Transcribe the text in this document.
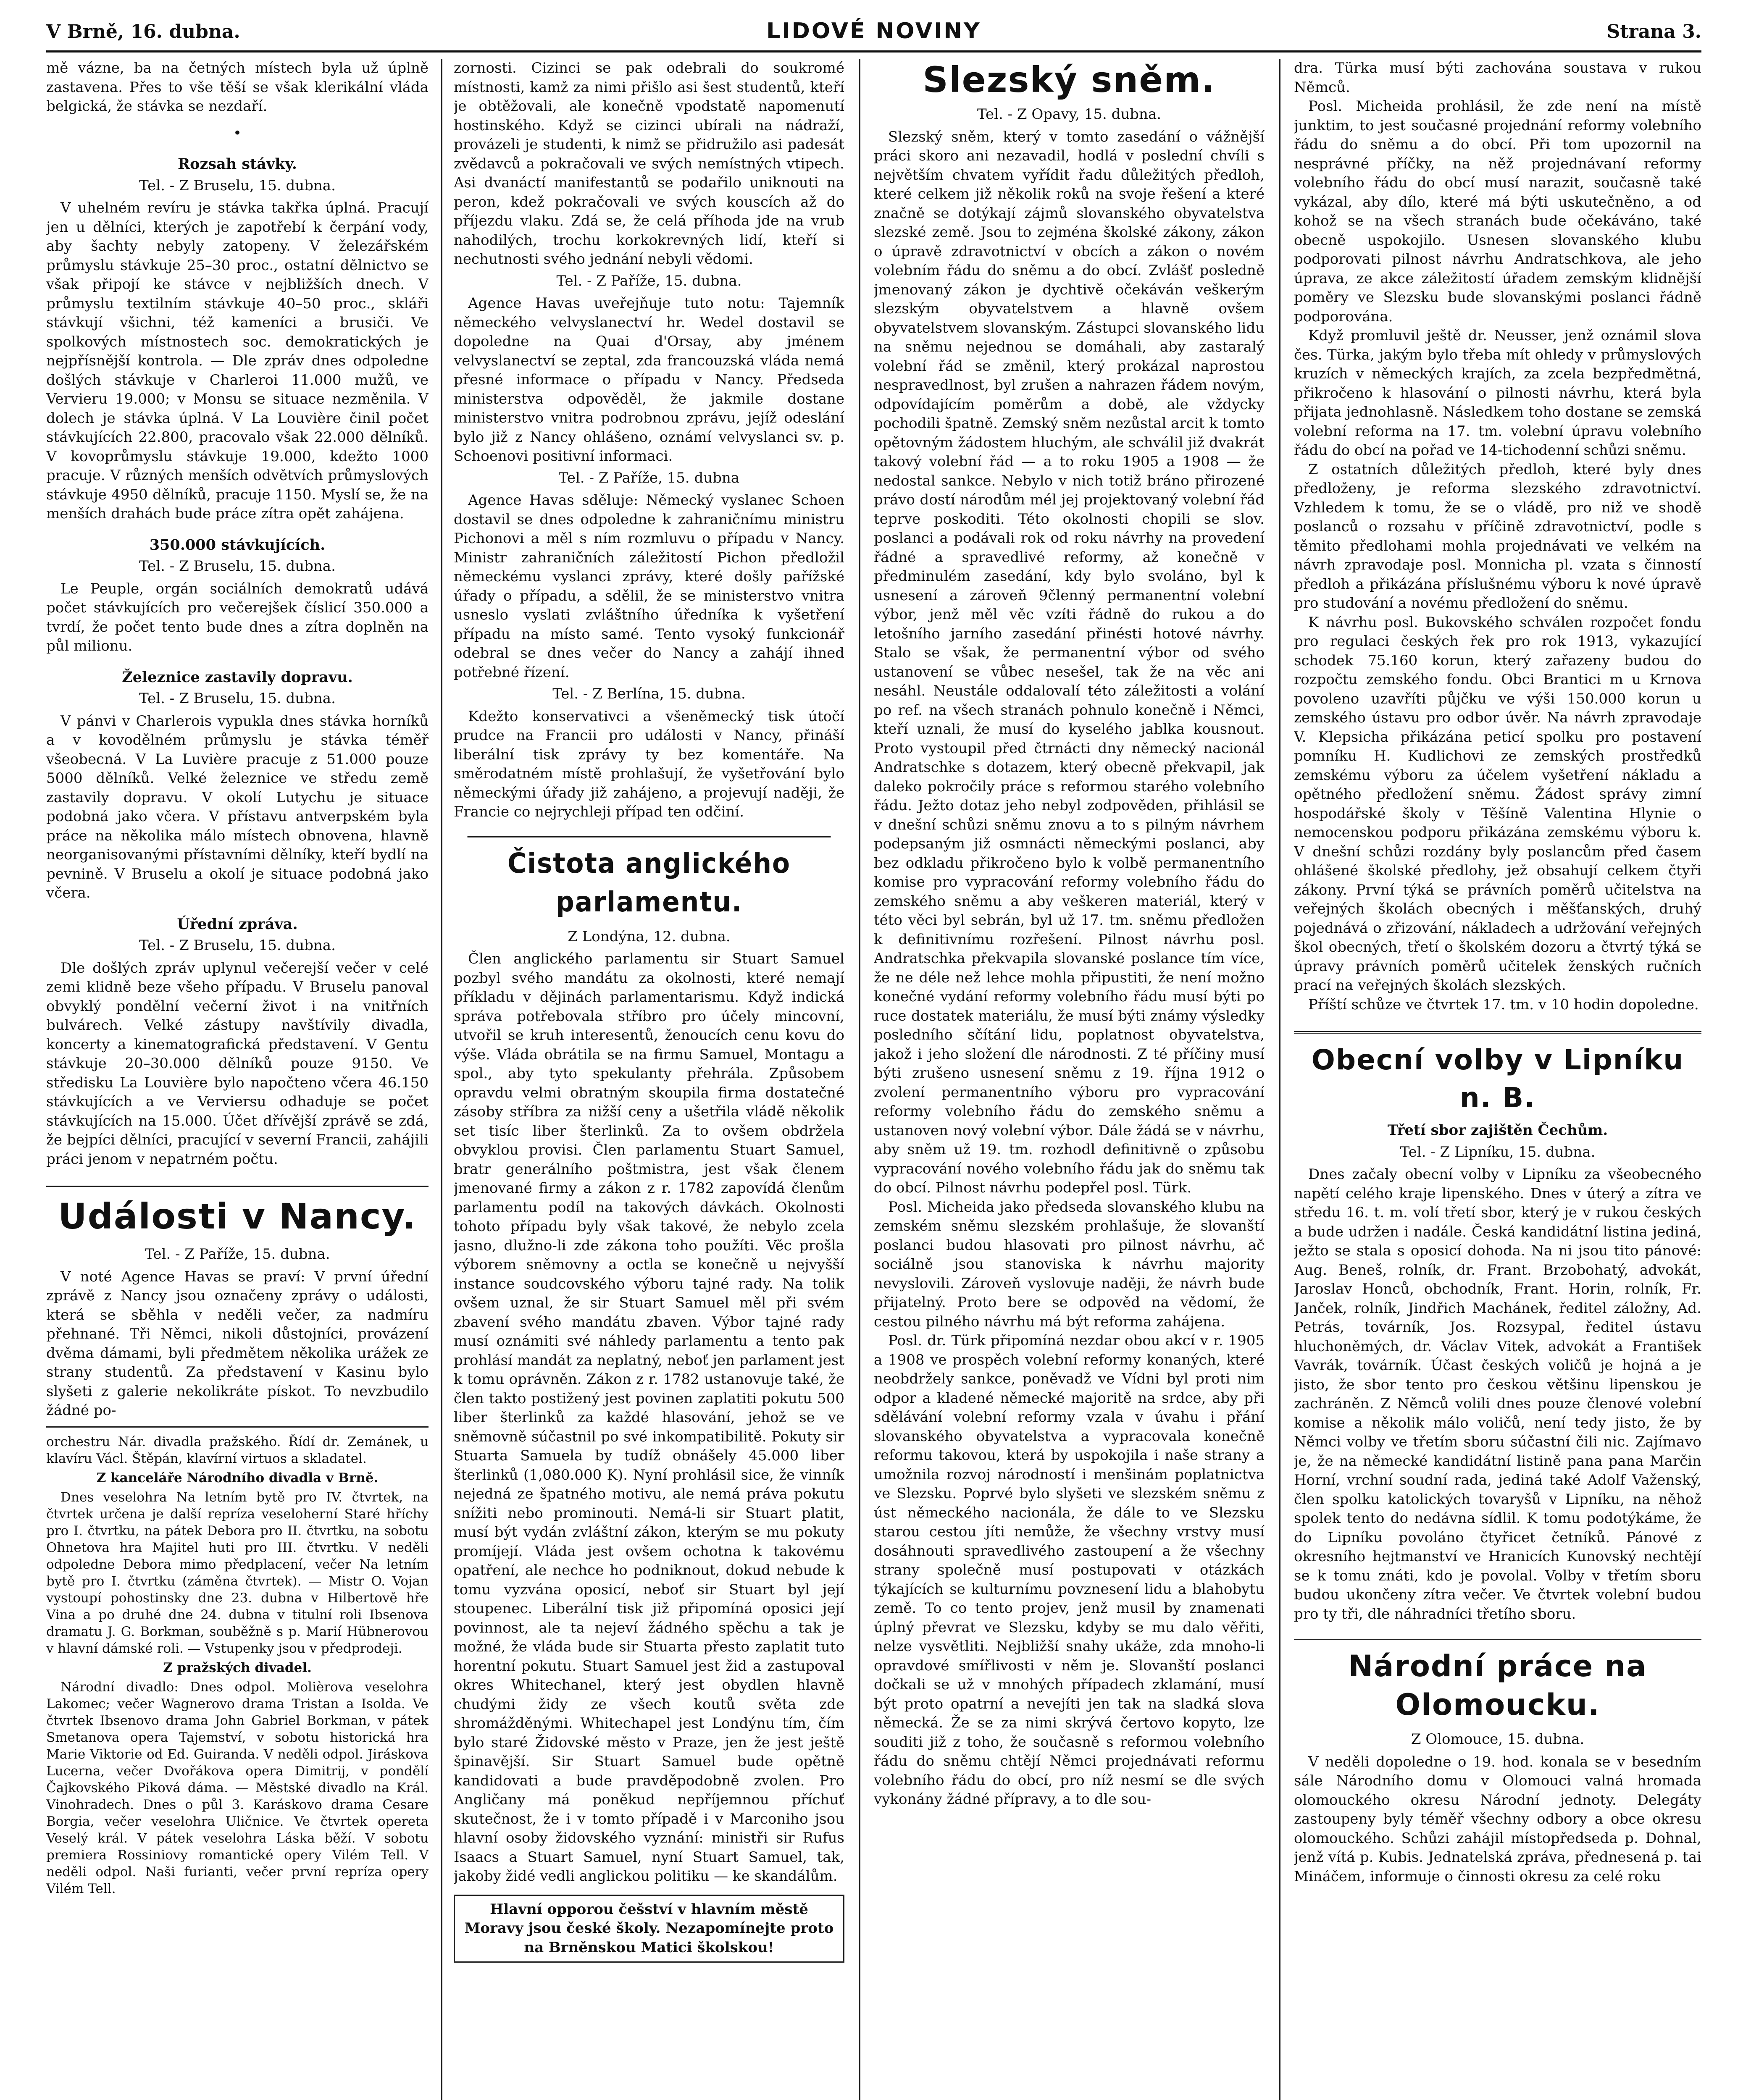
V Brně, 16. dubna.	LIDOVÉ NOVINY	Strana 3.

mě vázne, ba na četných místech byla už úplně zastavena. Přes to vše těší se však klerikální vláda belgická, že stávka se nezdaří.

•
Rozsah stávky.

Tel. - Z Bruselu, 15. dubna.

V uhelném revíru je stávka takřka úplná. Pracují jen u dělníci, kterých je zapotřebí k čerpání vody, aby šachty nebyly zatopeny. V železářském průmyslu stávkuje 25–30 proc., ostatní dělnictvo se však připojí ke stávce v nejbližších dnech. V průmyslu textilním stávkuje 40–50 proc., skláři stávkují všichni, též kameníci a brusiči. Ve spolkových místnostech soc. demokratických je nejpřísnější kontrola. — Dle zpráv dnes odpoledne došlých stávkuje v Charleroi 11.000 mužů, ve Vervieru 19.000; v Monsu se situace nezměnila. V dolech je stávka úplná. V La Louvière činil počet stávkujících 22.800, pracovalo však 22.000 dělníků. V kovoprůmyslu stávkuje 19.000, kdežto 1000 pracuje. V různých menších odvětvích průmyslových stávkuje 4950 dělníků, pracuje 1150. Myslí se, že na menších drahách bude práce zítra opět zahájena.

350.000 stávkujících.

Tel. - Z Bruselu, 15. dubna.

Le Peuple, orgán sociálních demokratů udává počet stávkujících pro večerejšek číslicí 350.000 a tvrdí, že počet tento bude dnes a zítra doplněn na půl milionu.

Železnice zastavily dopravu.

Tel. - Z Bruselu, 15. dubna.

V pánvi v Charlerois vypukla dnes stávka horníků a v kovodělném průmyslu je stávka téměř všeobecná. V La Luvière pracuje z 51.000 pouze 5000 dělníků. Velké železnice ve středu země zastavily dopravu. V okolí Lutychu je situace podobná jako včera. V přístavu antverpském byla práce na několika málo místech obnovena, hlavně neorganisovanými přístavními dělníky, kteří bydlí na pevnině. V Bruselu a okolí je situace podobná jako včera.

Úřední zpráva.

Tel. - Z Bruselu, 15. dubna.

Dle došlých zpráv uplynul večerejší večer v celé zemi klidně beze všeho případu. V Bruselu panoval obvyklý pondělní večerní život i na vnitřních bulvárech. Velké zástupy navštívily divadla, koncerty a kinematografická představení. V Gentu stávkuje 20–30.000 dělníků pouze 9150. Ve středisku La Louvière bylo napočteno včera 46.150 stávkujících a ve Verviersu odhaduje se počet stávkujících na 15.000. Účet dřívější zprávě se zdá, že bejpíci dělníci, pracující v severní Francii, zahájili práci jenom v nepatrném počtu.

Události v Nancy.

Tel. - Z Paříže, 15. dubna.

V noté Agence Havas se praví: V první úřední zprávě z Nancy jsou označeny zprávy o události, která se sběhla v neděli večer, za nadmíru přehnané. Tři Němci, nikoli důstojníci, provázení dvěma dámami, byli předmětem několika urážek ze strany studentů. Za představení v Kasinu bylo slyšeti z galerie nekolikráte pískot. To nevzbudilo žádné po-

orchestru Nár. divadla pražského. Řídí dr. Zemánek, u klavíru Václ. Štěpán, klavírní virtuos a skladatel.

Z kanceláře Národního divadla v Brně.

Dnes veselohra Na letním bytě pro IV. čtvrtek, na čtvrtek určena je další repríza veseloherní Staré hříchy pro I. čtvrtku, na pátek Debora pro II. čtvrtku, na sobotu Ohnetova hra Majitel huti pro III. čtvrtku. V neděli odpoledne Debora mimo předplacení, večer Na letním bytě pro I. čtvrtku (záměna čtvrtek). — Mistr O. Vojan vystoupí pohostinsky dne 23. dubna v Hilbertově hře Vina a po druhé dne 24. dubna v titulní roli Ibsenova dramatu J. G. Borkman, souběžně s p. Marií Hübnerovou v hlavní dámské roli. — Vstupenky jsou v předprodeji.

Z pražských divadel.

Národní divadlo: Dnes odpol. Molièrova veselohra Lakomec; večer Wagnerovo drama Tristan a Isolda. Ve čtvrtek Ibsenovo drama John Gabriel Borkman, v pátek Smetanova opera Tajemství, v sobotu historická hra Marie Viktorie od Ed. Guiranda. V neděli odpol. Jiráskova Lucerna, večer Dvořákova opera Dimitrij, v pondělí Čajkovského Piková dáma. — Městské divadlo na Král. Vinohradech. Dnes o půl 3. Karáskovo drama Cesare Borgia, večer veselohra Uličnice. Ve čtvrtek opereta Veselý král. V pátek veselohra Láska běží. V sobotu premiera Rossiniovy romantické opery Vilém Tell. V neděli odpol. Naši furianti, večer první repríza opery Vilém Tell.

zornosti. Cizinci se pak odebrali do soukromé místnosti, kamž za nimi přišlo asi šest studentů, kteří je obtěžovali, ale konečně vpodstatě napomenutí hostinského. Když se cizinci ubírali na nádraží, provázeli je studenti, k nimž se přidružilo asi padesát zvědavců a pokračovali ve svých nemístných vtipech. Asi dvanáctí manifestantů se podařilo uniknouti na peron, kdež pokračovali ve svých kouscích až do příjezdu vlaku. Zdá se, že celá příhoda jde na vrub nahodilých, trochu korkokrevných lidí, kteří si nechutnosti svého jednání nebyli vědomi.

Tel. - Z Paříže, 15. dubna.

Agence Havas uveřejňuje tuto notu: Tajemník německého velvyslanectví hr. Wedel dostavil se dopoledne na Quai d'Orsay, aby jménem velvyslanectví se zeptal, zda francouzská vláda nemá přesné informace o případu v Nancy. Předseda ministerstva odpověděl, že jakmile dostane ministerstvo vnitra podrobnou zprávu, jejíž odeslání bylo již z Nancy ohlášeno, oznámí velvyslanci sv. p. Schoenovi positivní informaci.

Tel. - Z Paříže, 15. dubna

Agence Havas sděluje: Německý vyslanec Schoen dostavil se dnes odpoledne k zahraničnímu ministru Pichonovi a měl s ním rozmluvu o případu v Nancy. Ministr zahraničních záležitostí Pichon předložil německému vyslanci zprávy, které došly pařížské úřady o případu, a sdělil, že se ministerstvo vnitra usneslo vyslati zvláštního úředníka k vyšetření případu na místo samé. Tento vysoký funkcionář odebral se dnes večer do Nancy a zahájí ihned potřebné řízení.

Tel. - Z Berlína, 15. dubna.

Kdežto konservativci a všeněmecký tisk útočí prudce na Francii pro události v Nancy, přináší liberální tisk zprávy ty bez komentáře. Na směrodatném místě prohlašují, že vyšetřování bylo německými úřady již zahájeno, a projevují naději, že Francie co nejrychleji případ ten odčiní.

Čistota anglického parlamentu.

Z Londýna, 12. dubna.

Člen anglického parlamentu sir Stuart Samuel pozbyl svého mandátu za okolnosti, které nemají příkladu v dějinách parlamentarismu. Když indická správa potřebovala stříbro pro účely mincovní, utvořil se kruh interesentů, ženoucích cenu kovu do výše. Vláda obrátila se na firmu Samuel, Montagu a spol., aby tyto spekulanty přehrála. Způsobem opravdu velmi obratným skoupila firma dostatečné zásoby stříbra za nižší ceny a ušetřila vládě několik set tisíc liber šterlinků. Za to ovšem obdržela obvyklou provisi. Člen parlamentu Stuart Samuel, bratr generálního poštmistra, jest však členem jmenované firmy a zákon z r. 1782 zapovídá členům parlamentu podíl na takových dávkách. Okolnosti tohoto případu byly však takové, že nebylo zcela jasno, dlužno-li zde zákona toho použíti. Věc prošla výborem sněmovny a octla se konečně u nejvyšší instance soudcovského výboru tajné rady. Na tolik ovšem uznal, že sir Stuart Samuel měl při svém zbavení svého mandátu zbaven. Výbor tajné rady musí oznámiti své náhledy parlamentu a tento pak prohlásí mandát za neplatný, neboť jen parlament jest k tomu oprávněn. Zákon z r. 1782 ustanovuje také, že člen takto postižený jest povinen zaplatiti pokutu 500 liber šterlinků za každé hlasování, jehož se ve sněmovně súčastnil po své inkompatibilitě. Pokuty sir Stuarta Samuela by tudíž obnášely 45.000 liber šterlinků (1,080.000 K). Nyní prohlásil sice, že vinník nejedná ze špatného motivu, ale nemá práva pokutu snížiti nebo prominouti. Nemá-li sir Stuart platit, musí být vydán zvláštní zákon, kterým se mu pokuty promíjejí. Vláda jest ovšem ochotna k takovému opatření, ale nechce ho podniknout, dokud nebude k tomu vyzvána oposicí, neboť sir Stuart byl její stoupenec. Liberální tisk již připomíná oposici její povinnost, ale ta nejeví žádného spěchu a tak je možné, že vláda bude sir Stuarta přesto zaplatit tuto horentní pokutu. Stuart Samuel jest žid a zastupoval okres Whitechanel, který jest obydlen hlavně chudými židy ze všech koutů světa zde shromážděnými. Whitechapel jest Londýnu tím, čím bylo staré Židovské město v Praze, jen že jest ještě špinavější. Sir Stuart Samuel bude opětně kandidovati a bude pravděpodobně zvolen. Pro Angličany má poněkud nepříjemnou příchuť skutečnost, že i v tomto případě i v Marconiho jsou hlavní osoby židovského vyznání: ministři sir Rufus Isaacs a Stuart Samuel, nyní Stuart Samuel, tak, jakoby židé vedli anglickou politiku — ke skandálům.

Hlavní opporou češství v hlavním městě Moravy jsou české školy. Nezapomínejte proto na Brněnskou Matici školskou!
Slezský sněm.

Tel. - Z Opavy, 15. dubna.

Slezský sněm, který v tomto zasedání o vážnější práci skoro ani nezavadil, hodlá v poslední chvíli s největším chvatem vyřídit řadu důležitých předloh, které celkem již několik roků na svoje řešení a které značně se dotýkají zájmů slovanského obyvatelstva slezské země. Jsou to zejména školské zákony, zákon o úpravě zdravotnictví v obcích a zákon o novém volebním řádu do sněmu a do obcí. Zvlášť posledně jmenovaný zákon je dychtivě očekáván veškerým slezským obyvatelstvem a hlavně ovšem obyvatelstvem slovanským. Zástupci slovanského lidu na sněmu nejednou se domáhali, aby zastaralý volební řád se změnil, který prokázal naprostou nespravedlnost, byl zrušen a nahrazen řádem novým, odpovídajícím poměrům a době, ale vždycky pochodili špatně. Zemský sněm nezůstal arcit k tomto opětovným žádostem hluchým, ale schválil již dvakrát takový volební řád — a to roku 1905 a 1908 — že nedostal sankce. Nebylo v nich totiž bráno přirozené právo dostí národům mél jej projektovaný volební řád teprve poskoditi. Této okolnosti chopili se slov. poslanci a podávali rok od roku návrhy na provedení řádné a spravedlivé reformy, až konečně v předminulém zasedání, kdy bylo svoláno, byl k usnesení a zároveň 9členný permanentní volební výbor, jenž měl věc vzíti řádně do rukou a do letošního jarního zasedání přinésti hotové návrhy. Stalo se však, že permanentní výbor od svého ustanovení se vůbec nesešel, tak že na věc ani nesáhl. Neustále oddalovalí této záležitosti a volání po ref. na všech stranách pohnulo konečně i Němci, kteří uznali, že musí do kyselého jablka kousnout. Proto vystoupil před čtrnácti dny německý nacionál Andratschke s dotazem, který obecně překvapil, jak daleko pokročily práce s reformou starého volebního řádu. Ježto dotaz jeho nebyl zodpověden, přihlásil se v dnešní schůzi sněmu znovu a to s pilným návrhem podepsaným již osmnácti německými poslanci, aby bez odkladu přikročeno bylo k volbě permanentního komise pro vypracování reformy volebního řádu do zemského sněmu a aby veškeren materiál, který v této věci byl sebrán, byl už 17. tm. sněmu předložen k definitivnímu rozřešení. Pilnost návrhu posl. Andratschka překvapila slovanské poslance tím více, že ne déle než lehce mohla připustiti, že není možno konečné vydání reformy volebního řádu musí býti po ruce dostatek materiálu, že musí býti známy výsledky posledního sčítání lidu, poplatnost obyvatelstva, jakož i jeho složení dle národnosti. Z té příčiny musí býti zrušeno usnesení sněmu z 19. října 1912 o zvolení permanentního výboru pro vypracování reformy volebního řádu do zemského sněmu a ustanoven nový volební výbor. Dále žádá se v návrhu, aby sněm už 19. tm. rozhodl definitivně o způsobu vypracování nového volebního řádu jak do sněmu tak do obcí. Pilnost návrhu podepřel posl. Türk.

Posl. Micheida jako předseda slovanského klubu na zemském sněmu slezském prohlašuje, že slovanští poslanci budou hlasovati pro pilnost návrhu, ač sociálně jsou stanoviska k návrhu majority nevyslovili. Zároveň vyslovuje naději, že návrh bude přijatelný. Proto bere se odpověd na vědomí, že cestou pilného návrhu má být reforma zahájena.

Posl. dr. Türk připomíná nezdar obou akcí v r. 1905 a 1908 ve prospěch volební reformy konaných, které neobdržely sankce, poněvadž ve Vídni byl proti nim odpor a kladené německé majoritě na srdce, aby při sdělávání volební reformy vzala v úvahu i přání slovanského obyvatelstva a vypracovala konečně reformu takovou, která by uspokojila i naše strany a umožnila rozvoj národností i menšinám poplatnictva ve Slezsku. Poprvé bylo slyšeti ve slezském sněmu z úst německého nacionála, že dále to ve Slezsku starou cestou jíti nemůže, že všechny vrstvy musí dosáhnouti spravedlivého zastoupení a že všechny strany společně musí postupovati v otázkách týkajících se kulturnímu povznesení lidu a blahobytu země. To co tento projev, jenž musil by znamenati úplný převrat ve Slezsku, kdyby se mu dalo věřiti, nelze vysvětliti. Nejbližší snahy ukáže, zda mnoho-li opravdové smířlivosti v něm je. Slovanští poslanci dočkali se už v mnohých případech zklamání, musí být proto opatrní a nevejíti jen tak na sladká slova německá. Že se za nimi skrývá čertovo kopyto, lze souditi již z toho, že současně s reformou volebního řádu do sněmu chtějí Němci projednávati reformu volebního řádu do obcí, pro níž nesmí se dle svých vykonány žádné přípravy, a to dle sou-

dra. Türka musí býti zachována soustava v rukou Němců.

Posl. Micheida prohlásil, že zde není na místě junktim, to jest současné projednání reformy volebního řádu do sněmu a do obcí. Při tom upozornil na nesprávné příčky, na něž projednávaní reformy volebního řádu do obcí musí narazit, současně také vykázal, aby dílo, které má býti uskutečněno, a od kohož se na všech stranách bude očekáváno, také obecně uspokojilo. Usnesen slovanského klubu podporovati pilnost návrhu Andratschkova, ale jeho úprava, ze akce záležitostí úřadem zemským klidnější poměry ve Slezsku bude slovanskými poslanci řádně podporována.

Když promluvil ještě dr. Neusser, jenž oznámil slova čes. Türka, jakým bylo třeba mít ohledy v průmyslových kruzích v německých krajích, za zcela bezpředmětná, přikročeno k hlasování o pilnosti návrhu, která byla přijata jednohlasně. Následkem toho dostane se zemská volební reforma na 17. tm. volební úpravu volebního řádu do obcí na pořad ve 14-tichodenní schůzi sněmu.

Z ostatních důležitých předloh, které byly dnes předloženy, je reforma slezského zdravotnictví. Vzhledem k tomu, že se o vládě, pro niž ve shodě poslanců o rozsahu v příčině zdravotnictví, podle s těmito předlohami mohla projednávati ve velkém na návrh zpravodaje posl. Monnicha pl. vzata s činností předloh a přikázána příslušnému výboru k nové úpravě pro studování a novému předložení do sněmu.

K návrhu posl. Bukovského schválen rozpočet fondu pro regulaci českých řek pro rok 1913, vykazující schodek 75.160 korun, který zařazeny budou do rozpočtu zemského fondu. Obci Brantici m u Krnova povoleno uzavříti půjčku ve výši 150.000 korun u zemského ústavu pro odbor úvěr. Na návrh zpravodaje V. Klepsicha přikázána peticí spolku pro postavení pomníku H. Kudlichovi ze zemských prostředků zemskému výboru za účelem vyšetření nákladu a opětného předložení sněmu. Žádost správy zimní hospodářské školy v Těšíně Valentina Hlynie o nemocenskou podporu přikázána zemskému výboru k. V dnešní schůzi rozdány byly poslancům před časem ohlášené školské předlohy, jež obsahují celkem čtyři zákony. První týká se právních poměrů učitelstva na veřejných školách obecných i měšťanských, druhý pojednává o zřizování, nákladech a udržování veřejných škol obecných, třetí o školském dozoru a čtvrtý týká se úpravy právních poměrů učitelek ženských ručních prací na veřejných školách slezských.

Příští schůze ve čtvrtek 17. tm. v 10 hodin dopoledne.

Obecní volby v Lipníku n. B.
Třetí sbor zajištěn Čechům.

Tel. - Z Lipníku, 15. dubna.

Dnes začaly obecní volby v Lipníku za všeobecného napětí celého kraje lipenského. Dnes v úterý a zítra ve středu 16. t. m. volí třetí sbor, který je v rukou českých a bude udržen i nadále. Česká kandidátní listina jediná, ježto se stala s oposicí dohoda. Na ni jsou tito pánové: Aug. Beneš, rolník, dr. Frant. Brzobohatý, advokát, Jaroslav Honců, obchodník, Frant. Horin, rolník, Fr. Janček, rolník, Jindřich Machánek, ředitel záložny, Ad. Petrás, továrník, Jos. Rozsypal, ředitel ústavu hluchoněmých, dr. Václav Vitek, advokát a František Vavrák, továrník. Účast českých voličů je hojná a je jisto, že sbor tento pro českou většinu lipenskou je zachráněn. Z Němců volili dnes pouze členové volební komise a několik málo voličů, není tedy jisto, že by Němci volby ve třetím sboru súčastní čili nic. Zajímavo je, že na německé kandidátní listině pana pana Marčin Horní, vrchní soudní rada, jediná také Adolf Važenský, člen spolku katolických tovaryšů v Lipníku, na něhož spolek tento do nedávna sídlil. K tomu podotýkáme, že do Lipníku povoláno čtyřicet četníků. Pánové z okresního hejtmanství ve Hranicích Kunovský nechtějí se k tomu znáti, kdo je povolal. Volby v třetím sboru budou ukončeny zítra večer. Ve čtvrtek volební budou pro ty tři, dle náhradníci třetího sboru.

Národní práce na Olomoucku.

Z Olomouce, 15. dubna.

V neděli dopoledne o 19. hod. konala se v besedním sále Národního domu v Olomouci valná hromada olomouckého okresu Národní jednoty. Delegáty zastoupeny byly téměř všechny odbory a obce okresu olomouckého. Schůzi zahájil místopředseda p. Dohnal, jenž vítá p. Kubis. Jednatelská zpráva, přednesená p. tai Mináčem, informuje o činnosti okresu za celé roku
